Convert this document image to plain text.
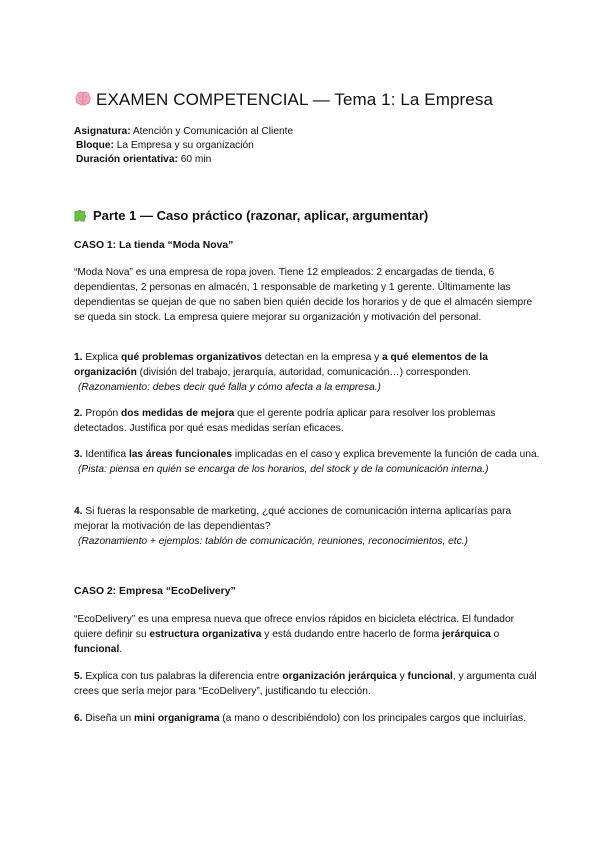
EXAMEN COMPETENCIAL — Tema 1: La Empresa
Asignatura: Atención y Comunicación al Cliente
Bloque: La Empresa y su organización
Duración orientativa: 60 min
Parte 1 — Caso práctico (razonar, aplicar, argumentar)
CASO 1: La tienda “Moda Nova”

“Moda Nova” es una empresa de ropa joven. Tiene 12 empleados: 2 encargadas de tienda, 6 dependientas, 2 personas en almacén, 1 responsable de marketing y 1 gerente. Últimamente las dependientas se quejan de que no saben bien quién decide los horarios y de que el almacén siempre se queda sin stock. La empresa quiere mejorar su organización y motivación del personal.

1. Explica qué problemas organizativos detectan en la empresa y a qué elementos de la organización (división del trabajo, jerarquía, autoridad, comunicación…) corresponden.

(Razonamiento: debes decir qué falla y cómo afecta a la empresa.)

2. Propón dos medidas de mejora que el gerente podría aplicar para resolver los problemas detectados. Justifica por qué esas medidas serían eficaces.

3. Identifica las áreas funcionales implicadas en el caso y explica brevemente la función de cada una.

(Pista: piensa en quién se encarga de los horarios, del stock y de la comunicación interna.)

4. Si fueras la responsable de marketing, ¿qué acciones de comunicación interna aplicarías para mejorar la motivación de las dependientas?

(Razonamiento + ejemplos: tablón de comunicación, reuniones, reconocimientos, etc.)

CASO 2: Empresa “EcoDelivery”

“EcoDelivery” es una empresa nueva que ofrece envíos rápidos en bicicleta eléctrica. El fundador quiere definir su estructura organizativa y está dudando entre hacerlo de forma jerárquica o funcional.

5. Explica con tus palabras la diferencia entre organización jerárquica y funcional, y argumenta cuál crees que sería mejor para “EcoDelivery”, justificando tu elección.

6. Diseña un mini organigrama (a mano o describiéndolo) con los principales cargos que incluirías.
